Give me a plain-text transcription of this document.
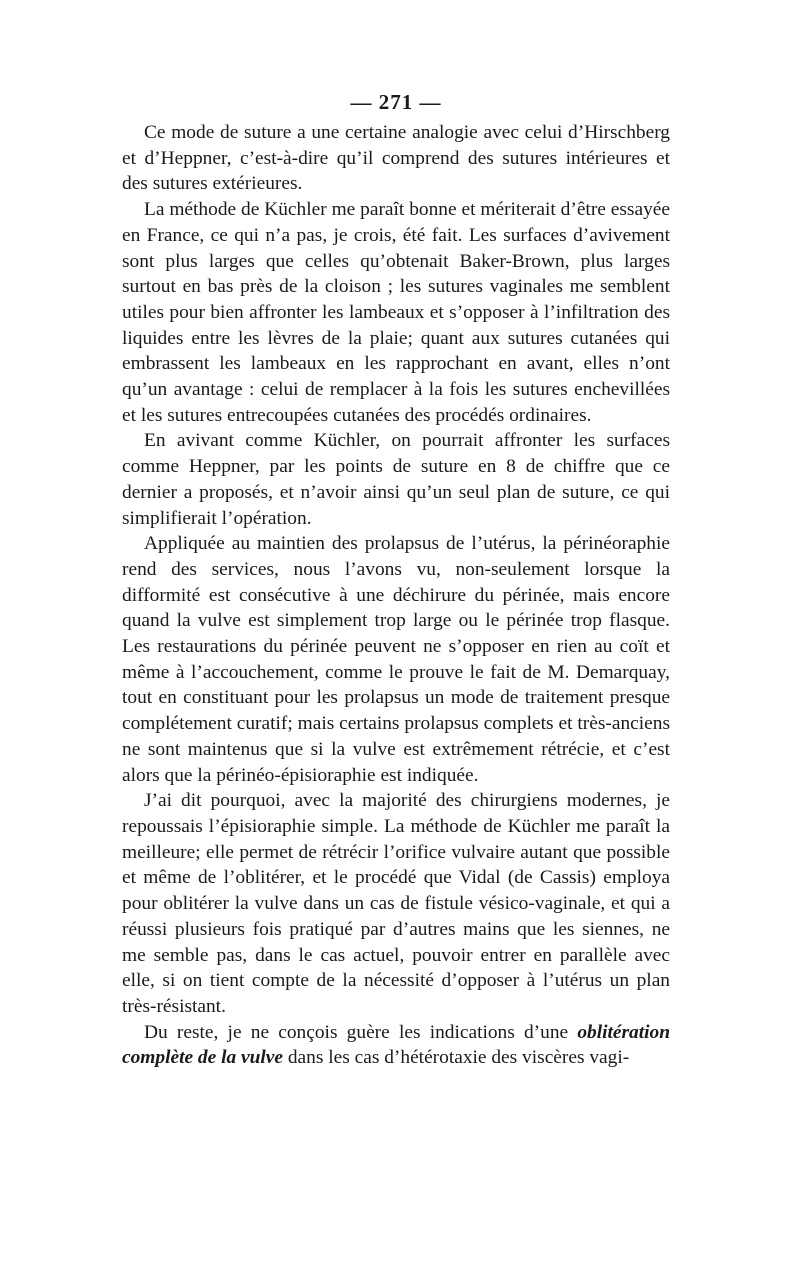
— 271 —

Ce mode de suture a une certaine analogie avec celui d’Hirschberg et d’Heppner, c’est-à-dire qu’il comprend des sutures intérieures et des sutures extérieures.

La méthode de Küchler me paraît bonne et mériterait d’être essayée en France, ce qui n’a pas, je crois, été fait. Les surfaces d’avivement sont plus larges que celles qu’obtenait Baker-Brown, plus larges surtout en bas près de la cloison ; les sutures vaginales me semblent utiles pour bien affronter les lambeaux et s’opposer à l’infiltration des liquides entre les lèvres de la plaie; quant aux sutures cutanées qui embrassent les lambeaux en les rapprochant en avant, elles n’ont qu’un avantage : celui de remplacer à la fois les sutures enchevillées et les sutures entrecoupées cutanées des procédés ordinaires.

En avivant comme Küchler, on pourrait affronter les surfaces comme Heppner, par les points de suture en 8 de chiffre que ce dernier a proposés, et n’avoir ainsi qu’un seul plan de suture, ce qui simplifierait l’opération.

Appliquée au maintien des prolapsus de l’utérus, la périnéoraphie rend des services, nous l’avons vu, non-seulement lorsque la difformité est consécutive à une déchirure du périnée, mais encore quand la vulve est simplement trop large ou le périnée trop flasque. Les restaurations du périnée peuvent ne s’opposer en rien au coït et même à l’accouchement, comme le prouve le fait de M. Demarquay, tout en constituant pour les prolapsus un mode de traitement presque complétement curatif; mais certains prolapsus complets et très-anciens ne sont maintenus que si la vulve est extrêmement rétrécie, et c’est alors que la périnéo-épisioraphie est indiquée.

J’ai dit pourquoi, avec la majorité des chirurgiens modernes, je repoussais l’épisioraphie simple. La méthode de Küchler me paraît la meilleure; elle permet de rétrécir l’orifice vulvaire autant que possible et même de l’oblitérer, et le procédé que Vidal (de Cassis) employa pour oblitérer la vulve dans un cas de fistule vésico-vaginale, et qui a réussi plusieurs fois pratiqué par d’autres mains que les siennes, ne me semble pas, dans le cas actuel, pouvoir entrer en parallèle avec elle, si on tient compte de la nécessité d’opposer à l’utérus un plan très-résistant.

Du reste, je ne conçois guère les indications d’une oblitération complète de la vulve dans les cas d’hétérotaxie des viscères vagi-
